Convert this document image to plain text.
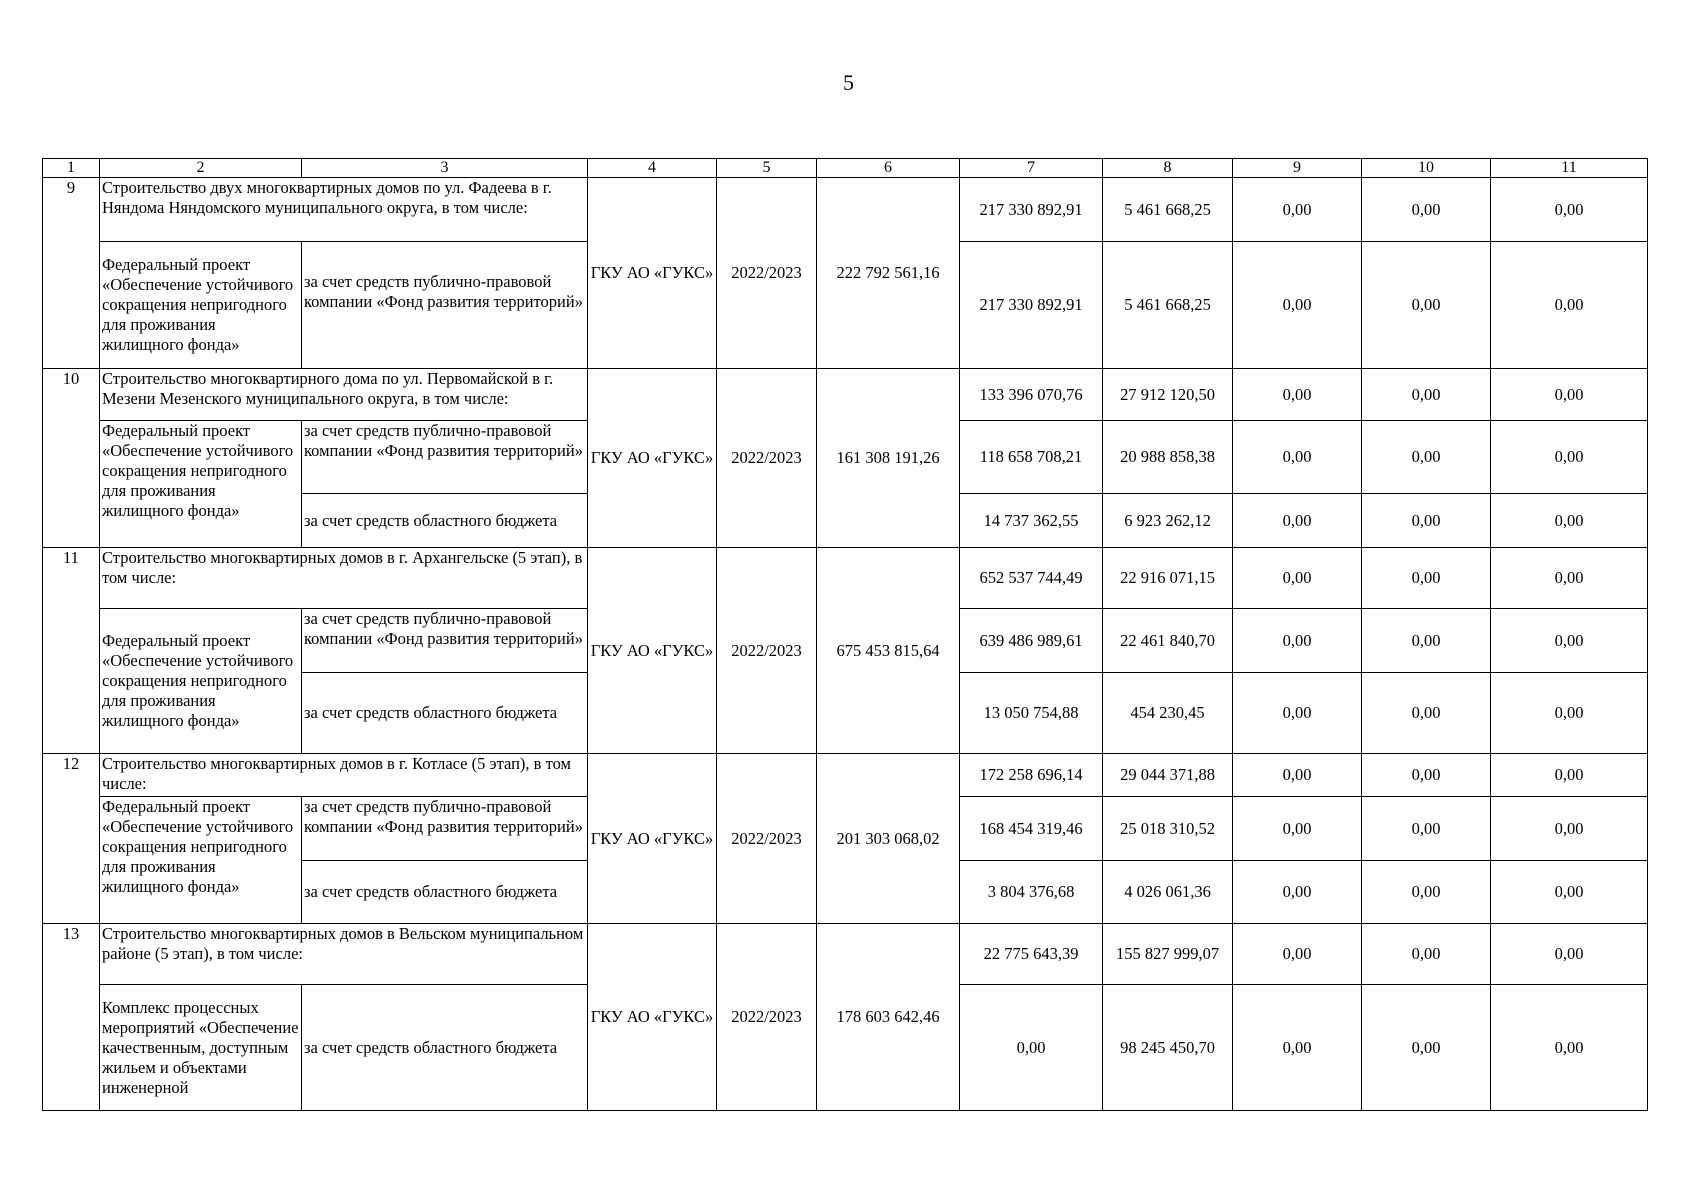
5
1	2	3	4	5	6	7	8	9	10	11
9	Строительство двух многоквартирных домов по ул. Фадеева в г. Няндома Няндомского муниципального округа, в том числе:		ГКУ АО «ГУКС»	2022/2023	222 792 561,16	217 330 892,91	5 461 668,25	0,00	0,00	0,00
	Федеральный проект «Обеспечение устойчивого сокращения непригодного для проживания жилищного фонда»	за счет средств публично-правовой компании «Фонд развития территорий»				217 330 892,91	5 461 668,25	0,00	0,00	0,00
10	Строительство многоквартирного дома по ул. Первомайской в г. Мезени Мезенского муниципального округа, в том числе:		ГКУ АО «ГУКС»	2022/2023	161 308 191,26	133 396 070,76	27 912 120,50	0,00	0,00	0,00
	Федеральный проект «Обеспечение устойчивого сокращения непригодного для проживания жилищного фонда»	за счет средств публично-правовой компании «Фонд развития территорий»				118 658 708,21	20 988 858,38	0,00	0,00	0,00
		за счет средств областного бюджета				14 737 362,55	6 923 262,12	0,00	0,00	0,00
11	Строительство многоквартирных домов в г. Архангельске (5 этап), в том числе:		ГКУ АО «ГУКС»	2022/2023	675 453 815,64	652 537 744,49	22 916 071,15	0,00	0,00	0,00
	Федеральный проект «Обеспечение устойчивого сокращения непригодного для проживания жилищного фонда»	за счет средств публично-правовой компании «Фонд развития территорий»				639 486 989,61	22 461 840,70	0,00	0,00	0,00
		за счет средств областного бюджета				13 050 754,88	454 230,45	0,00	0,00	0,00
12	Строительство многоквартирных домов в г. Котласе (5 этап), в том числе:		ГКУ АО «ГУКС»	2022/2023	201 303 068,02	172 258 696,14	29 044 371,88	0,00	0,00	0,00
	Федеральный проект «Обеспечение устойчивого сокращения непригодного для проживания жилищного фонда»	за счет средств публично-правовой компании «Фонд развития территорий»				168 454 319,46	25 018 310,52	0,00	0,00	0,00
		за счет средств областного бюджета				3 804 376,68	4 026 061,36	0,00	0,00	0,00
13	Строительство многоквартирных домов в Вельском муниципальном районе (5 этап), в том числе:		ГКУ АО «ГУКС»	2022/2023	178 603 642,46	22 775 643,39	155 827 999,07	0,00	0,00	0,00
	Комплекс процессных мероприятий «Обеспечение качественным, доступным жильем и объектами инженерной	за счет средств областного бюджета				0,00	98 245 450,70	0,00	0,00	0,00
